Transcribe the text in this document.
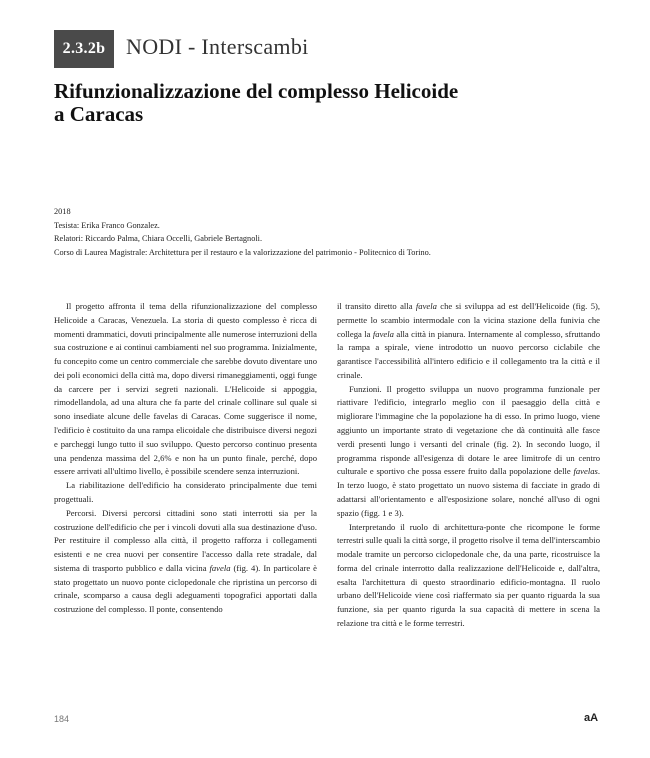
2.3.2b NODI - Interscambi
Rifunzionalizzazione del complesso Helicoide
a Caracas
2018
Tesista: Erika Franco Gonzalez.
Relatori: Riccardo Palma, Chiara Occelli, Gabriele Bertagnoli.
Corso di Laurea Magistrale: Architettura per il restauro e la valorizzazione del patrimonio - Politecnico di Torino.

Il progetto affronta il tema della rifunzionalizzazione del complesso Helicoide a Caracas, Venezuela. La storia di questo complesso è ricca di momenti drammatici, dovuti principalmente alle numerose interruzioni della sua costruzione e ai continui cambiamenti nel suo programma. Inizialmente, fu concepito come un centro commerciale che sarebbe dovuto diventare uno dei poli economici della città ma, dopo diversi rimaneggiamenti, oggi funge da carcere per i servizi segreti nazionali. L'Helicoide si appoggia, rimodellandola, ad una altura che fa parte del crinale collinare sul quale si sono insediate alcune delle favelas di Caracas. Come suggerisce il nome, l'edificio è costituito da una rampa elicoidale che distribuisce diversi negozi e parcheggi lungo tutto il suo sviluppo. Questo percorso continuo presenta una pendenza massima del 2,6% e non ha un punto finale, perché, dopo essere arrivati all'ultimo livello, è possibile scendere senza interruzioni.

La riabilitazione dell'edificio ha considerato principalmente due temi progettuali.

Percorsi. Diversi percorsi cittadini sono stati interrotti sia per la costruzione dell'edificio che per i vincoli dovuti alla sua destinazione d'uso. Per restituire il complesso alla città, il progetto rafforza i collegamenti esistenti e ne crea nuovi per consentire l'accesso dalla rete stradale, dal sistema di trasporto pubblico e dalla vicina favela (fig. 4). In particolare è stato progettato un nuovo ponte ciclopedonale che ripristina un percorso di crinale, scomparso a causa degli adeguamenti topografici apportati dalla costruzione del complesso. Il ponte, consentendo

il transito diretto alla favela che si sviluppa ad est dell'Helicoide (fig. 5), permette lo scambio intermodale con la vicina stazione della funivia che collega la favela alla città in pianura. Internamente al complesso, sfruttando la rampa a spirale, viene introdotto un nuovo percorso ciclabile che garantisce l'accessibilità all'intero edificio e il collegamento tra la città e il crinale.

Funzioni. Il progetto sviluppa un nuovo programma funzionale per riattivare l'edificio, integrarlo meglio con il paesaggio della città e migliorare l'immagine che la popolazione ha di esso. In primo luogo, viene aggiunto un importante strato di vegetazione che dà continuità alle fasce verdi presenti lungo i versanti del crinale (fig. 2). In secondo luogo, il programma risponde all'esigenza di dotare le aree limitrofe di un centro culturale e sportivo che possa essere fruito dalla popolazione delle favelas. In terzo luogo, è stato progettato un nuovo sistema di facciate in grado di adattarsi all'orientamento e all'esposizione solare, nonché all'uso di ogni spazio (figg. 1 e 3).

Interpretando il ruolo di architettura-ponte che ricompone le forme terrestri sulle quali la città sorge, il progetto risolve il tema dell'interscambio modale tramite un percorso ciclopedonale che, da una parte, ricostruisce la forma del crinale interrotto dalla realizzazione dell'Helicoide e, dall'altra, esalta l'architettura di questo straordinario edificio-montagna. Il ruolo urbano dell'Helicoide viene così riaffermato sia per quanto riguarda la sua funzione, sia per quanto rigurda la sua capacità di mettere in scena la relazione tra città e le forme terrestri.

184	aA
